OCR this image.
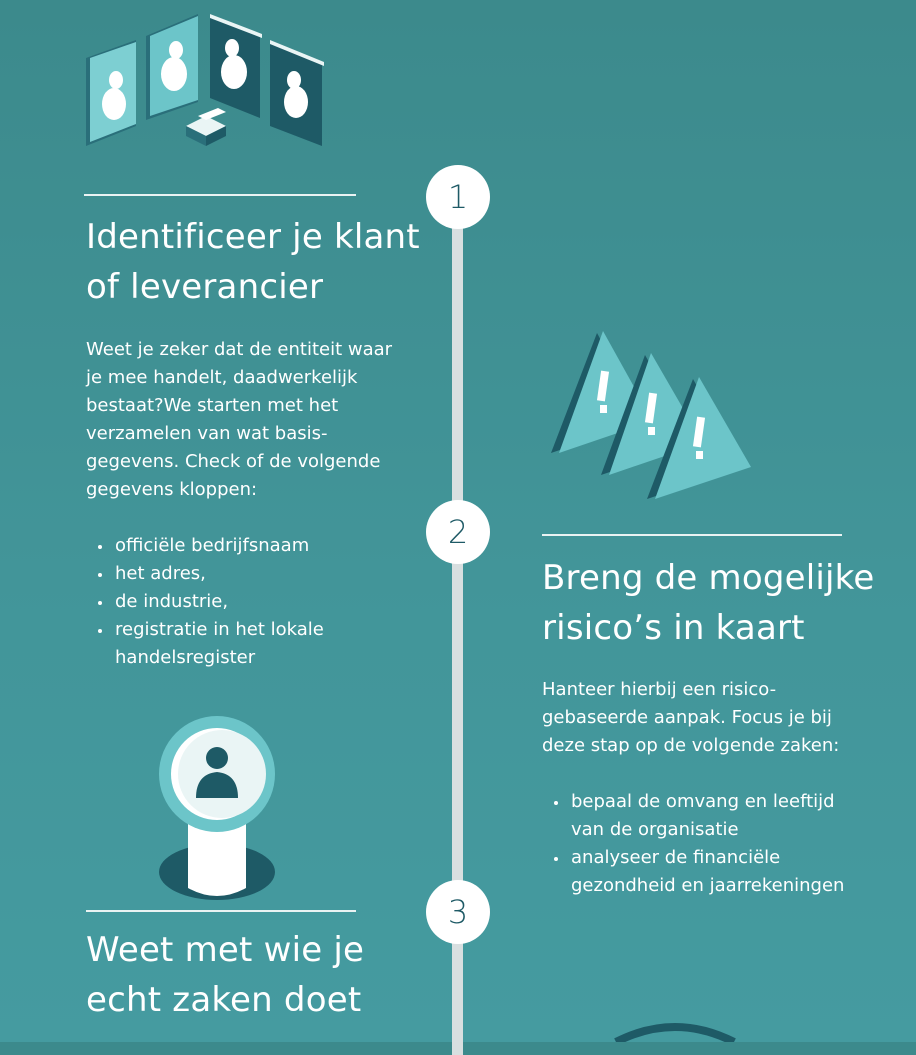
1

Identificeer je klant

of leverancier

Weet je zeker dat de entiteit waar je mee handelt, daadwerkelijk bestaat?We starten met het verzamelen van wat basis-gegevens. Check of de volgende gegevens kloppen:

officiële bedrijfsnaam
het adres,
de industrie,
registratie in het lokale handelsregister
2

Breng de mogelijke

risico’s in kaart

Hanteer hierbij een risico-gebaseerde aanpak. Focus je bij deze stap op de volgende zaken:

bepaal de omvang en leeftijd van de organisatie
analyseer de financiële gezondheid en jaarrekeningen
3

Weet met wie je

echt zaken doet
